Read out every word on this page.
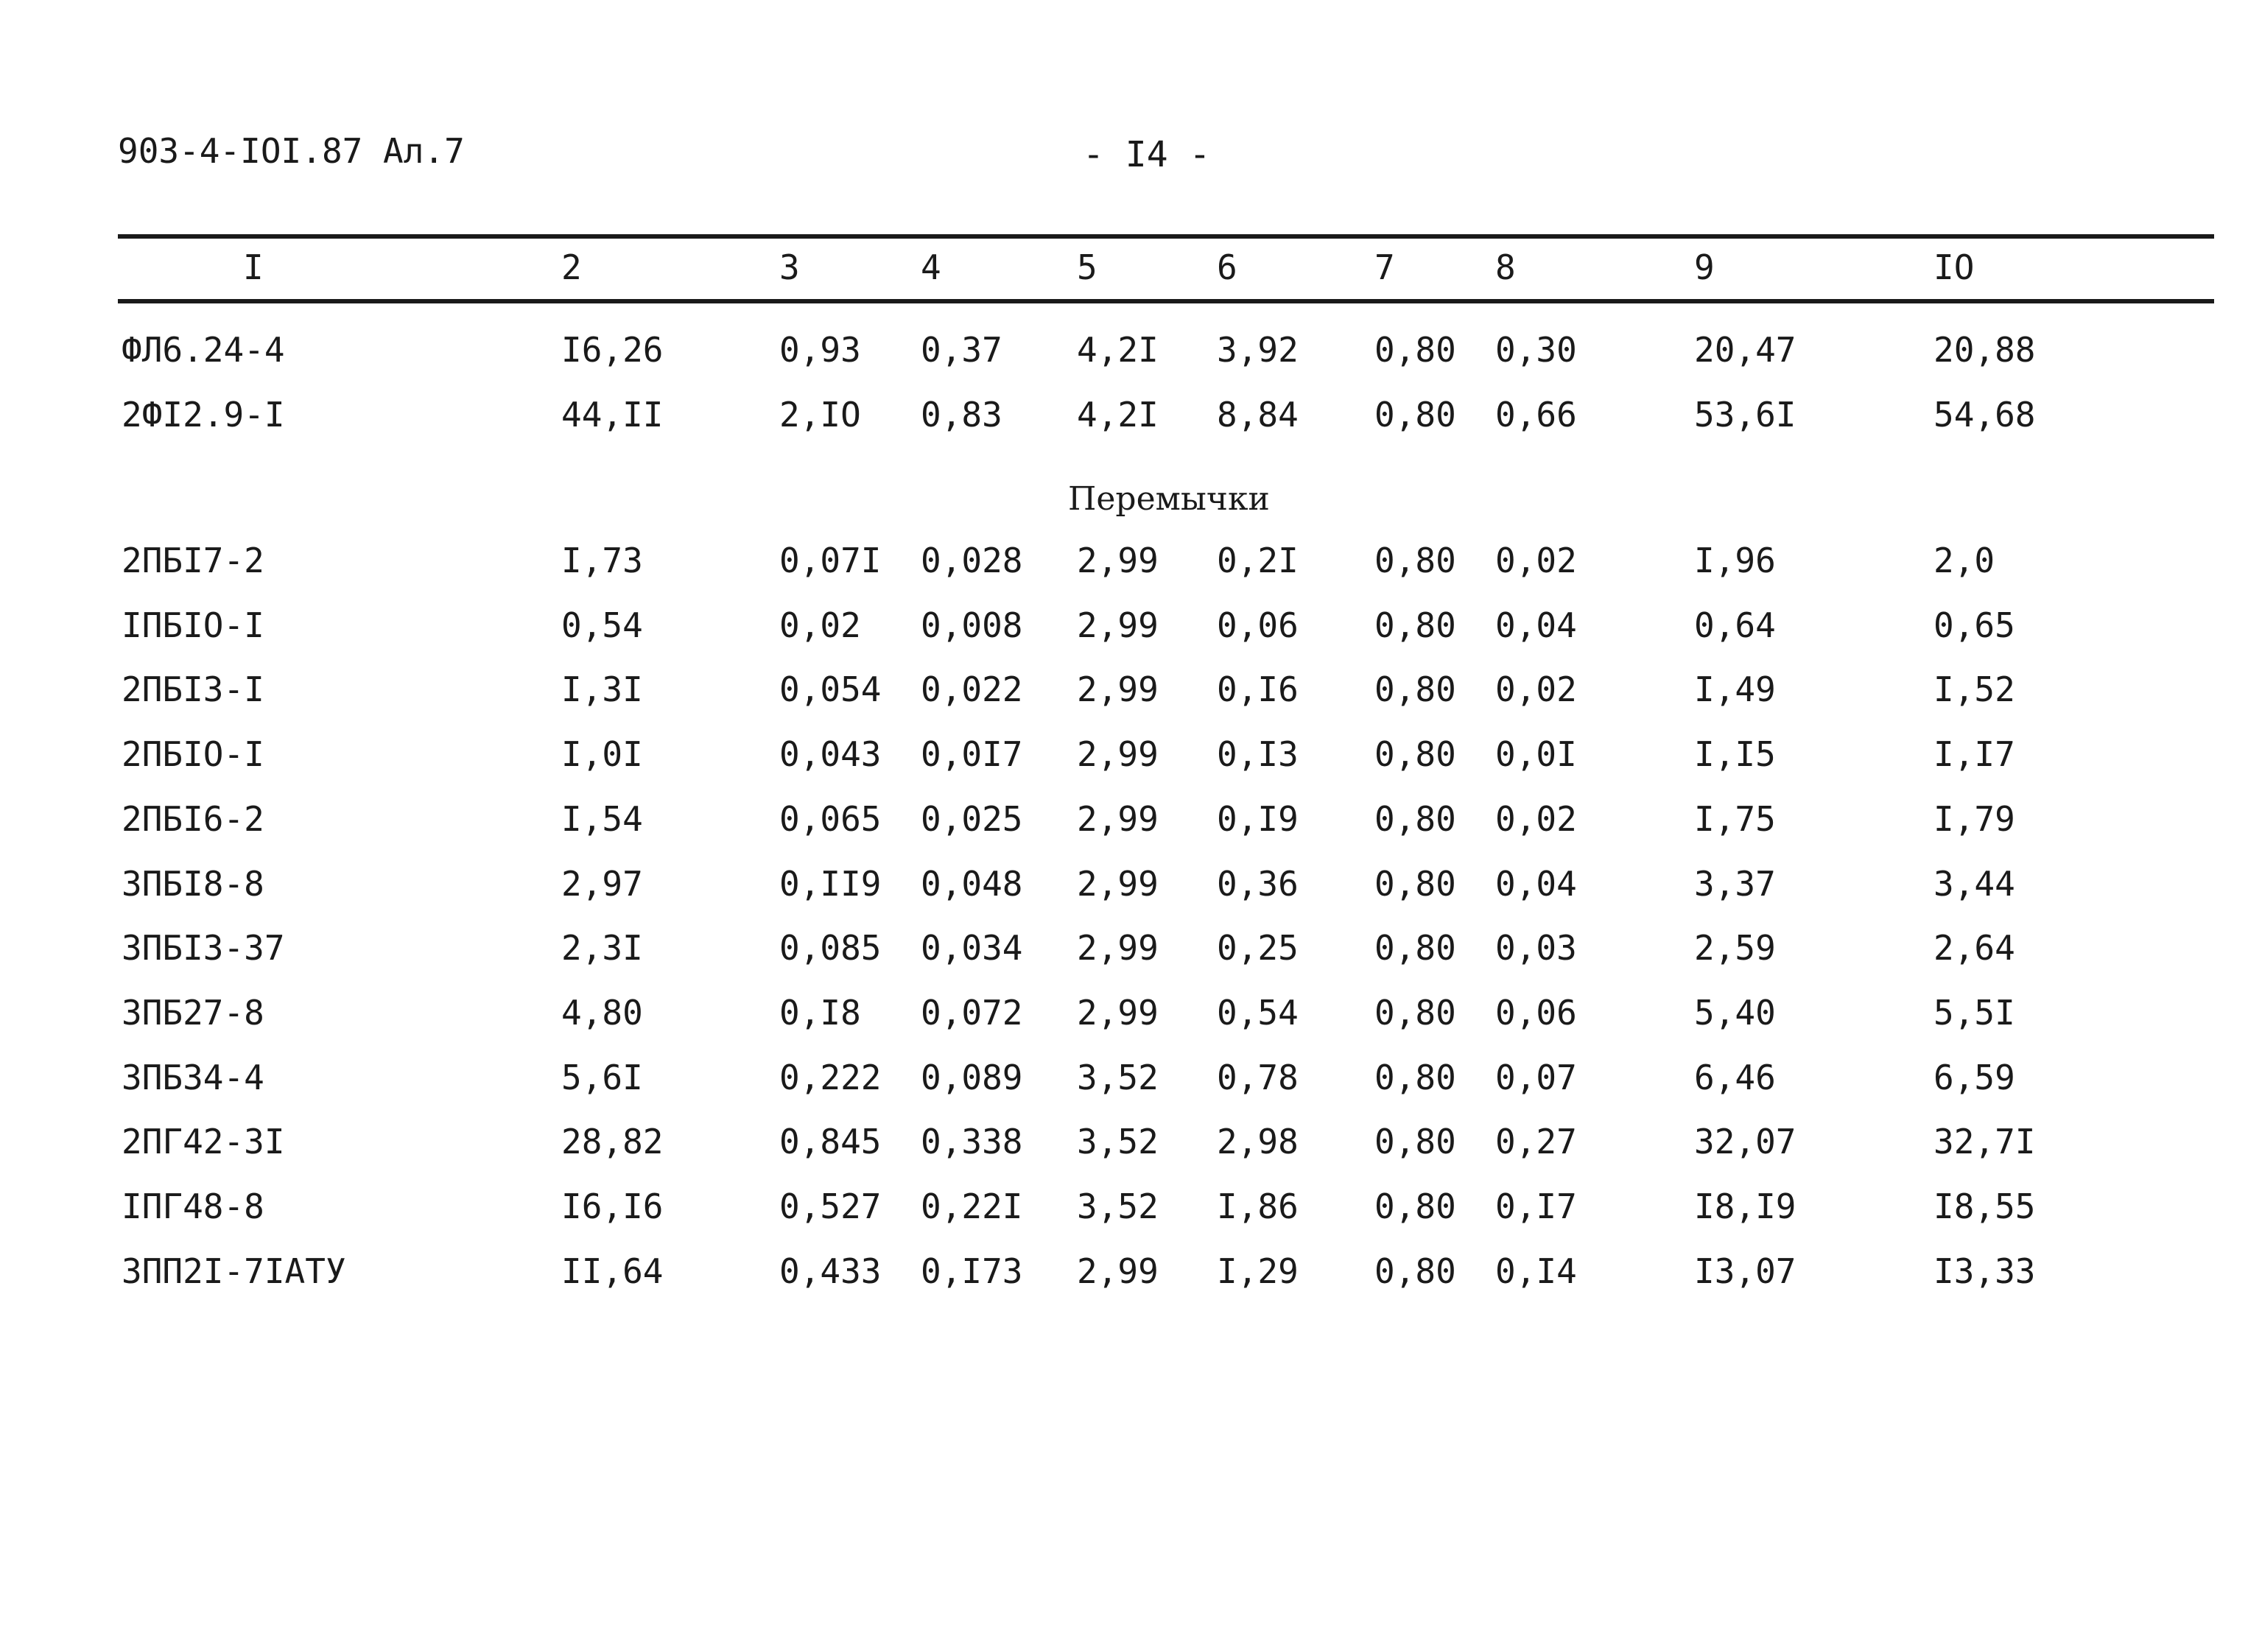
903-4-IOI.87 Ал.7	- I4 -
I	2	3	4	5	6	7	8	9	IO
ФЛ6.24-4	I6,26	0,93 0,37 4,2I 3,92 0,80 0,30	20,47	20,88
2ФI2.9-I	44,II	2,IO 0,83 4,2I 8,84 0,80 0,66	53,6I	54,68
Перемычки
2ПБI7-2	I,73	0,07I 0,028 2,99 0,2I 0,80 0,02	I,96	2,0
IПБIO-I	0,54	0,02 0,008 2,99 0,06 0,80 0,04	0,64	0,65
2ПБI3-I	I,3I	0,054 0,022 2,99 0,I6 0,80 0,02	I,49	I,52
2ПБIO-I	I,0I	0,043 0,0I7 2,99 0,I3 0,80 0,0I	I,I5	I,I7
2ПБI6-2	I,54	0,065 0,025 2,99 0,I9 0,80 0,02	I,75	I,79
3ПБI8-8	2,97	0,II9 0,048 2,99 0,36 0,80 0,04	3,37	3,44
3ПБI3-37	2,3I	0,085 0,034 2,99 0,25 0,80 0,03	2,59	2,64
3ПБ27-8	4,80	0,I8 0,072 2,99 0,54 0,80 0,06	5,40	5,5I
3ПБ34-4	5,6I	0,222 0,089 3,52 0,78 0,80 0,07	6,46	6,59
2ПГ42-3I	28,82	0,845 0,338 3,52 2,98 0,80 0,27	32,07	32,7I
IПГ48-8	I6,I6	0,527 0,22I 3,52 I,86 0,80 0,I7	I8,I9	I8,55
3ПП2I-7IАТУ	II,64	0,433 0,I73 2,99 I,29 0,80 0,I4	I3,07	I3,33
